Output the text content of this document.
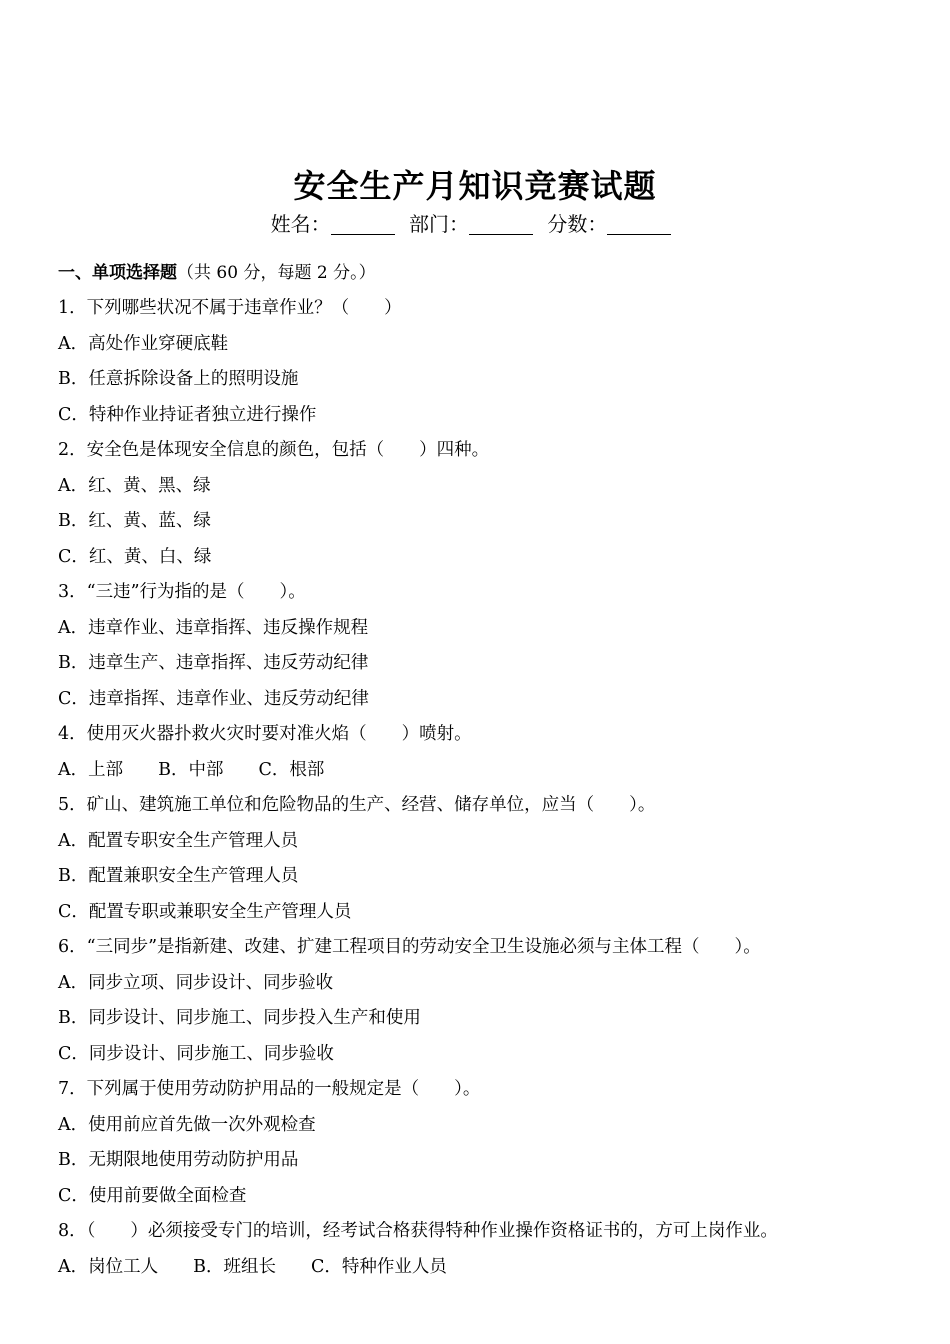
安全生产月知识竞赛试题
姓名：	部门：	分数：
一、单项选择题（共 60 分，每题 2 分。）
1．下列哪些状况不属于违章作业？（　　）
A．高处作业穿硬底鞋
B．任意拆除设备上的照明设施
C．特种作业持证者独立进行操作
2．安全色是体现安全信息的颜色，包括（　　）四种。
A．红、黄、黑、绿
B．红、黄、蓝、绿
C．红、黄、白、绿
3．“三违”行为指的是（　　）。
A．违章作业、违章指挥、违反操作规程
B．违章生产、违章指挥、违反劳动纪律
C．违章指挥、违章作业、违反劳动纪律
4．使用灭火器扑救火灾时要对准火焰（　　）喷射。
A．上部　　B．中部　　C．根部
5．矿山、建筑施工单位和危险物品的生产、经营、储存单位，应当（　　）。
A．配置专职安全生产管理人员
B．配置兼职安全生产管理人员
C．配置专职或兼职安全生产管理人员
6．“三同步”是指新建、改建、扩建工程项目的劳动安全卫生设施必须与主体工程（　　）。
A．同步立项、同步设计、同步验收
B．同步设计、同步施工、同步投入生产和使用
C．同步设计、同步施工、同步验收
7．下列属于使用劳动防护用品的一般规定是（　　）。
A．使用前应首先做一次外观检查
B．无期限地使用劳动防护用品
C．使用前要做全面检查
8．（　　）必须接受专门的培训，经考试合格获得特种作业操作资格证书的，方可上岗作业。
A．岗位工人　　B．班组长　　C．特种作业人员
